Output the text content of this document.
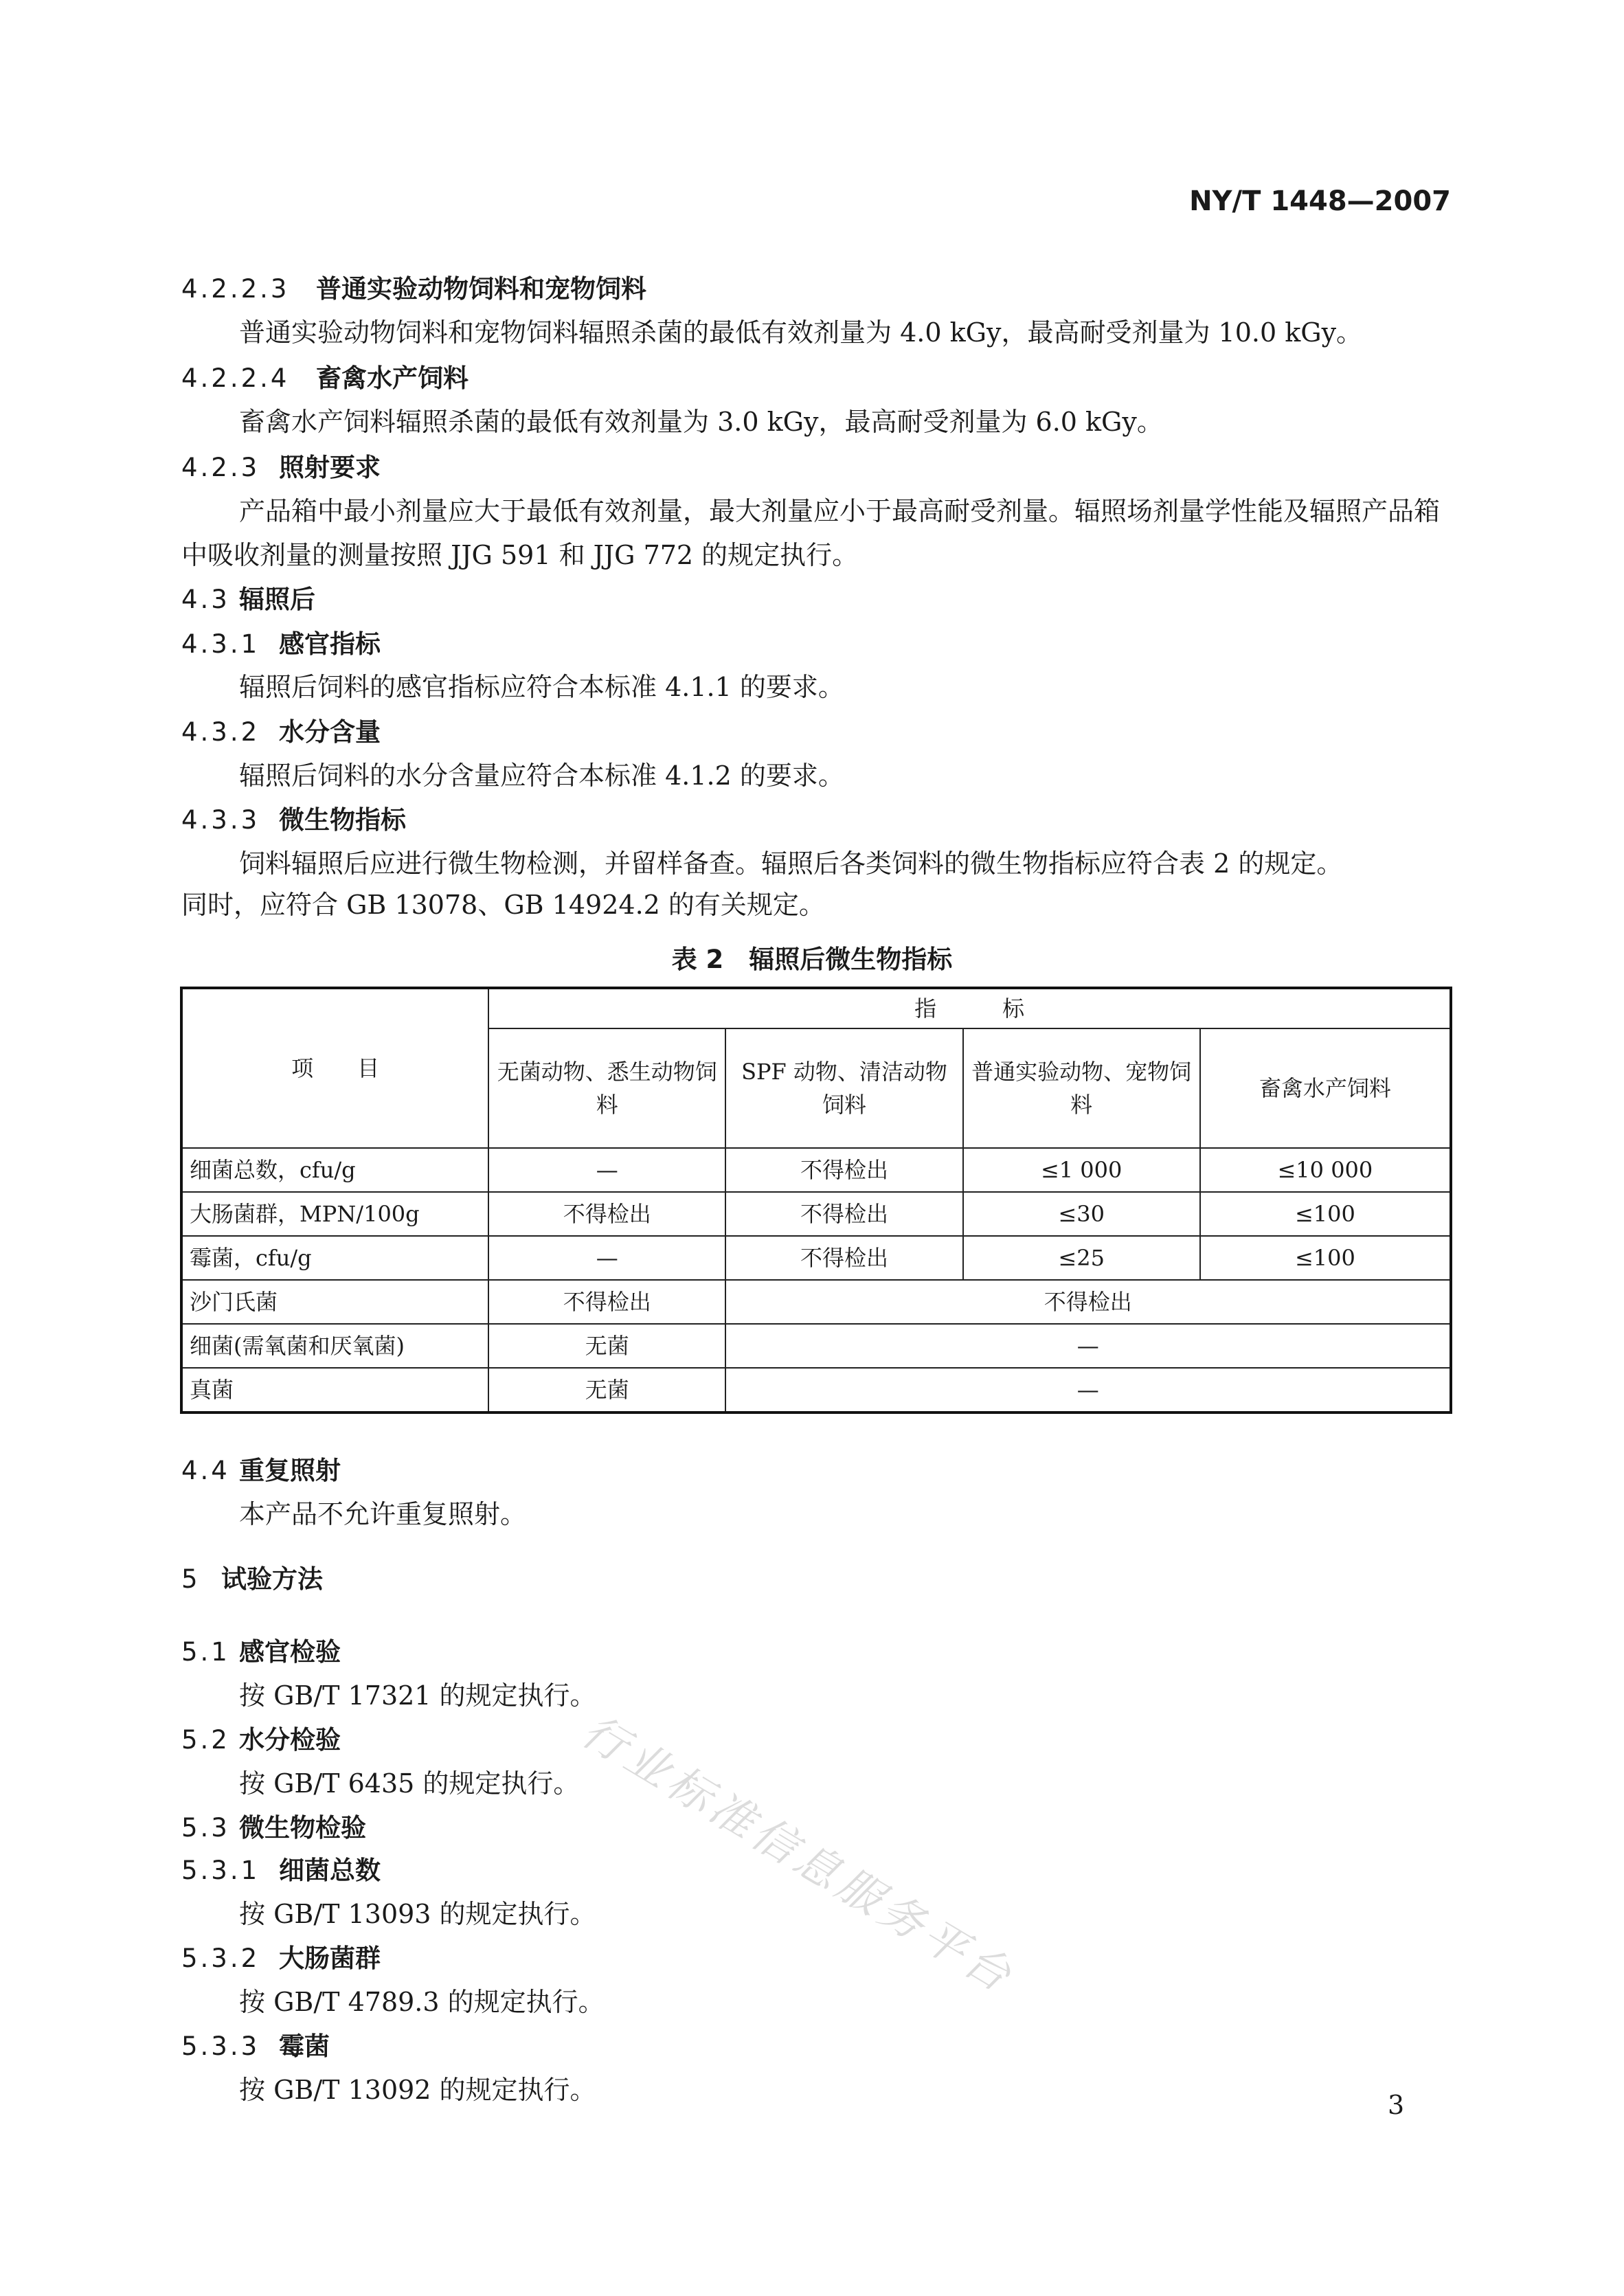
NY/T 1448—2007
4.2.2.3 普通实验动物饲料和宠物饲料
普通实验动物饲料和宠物饲料辐照杀菌的最低有效剂量为 4.0 kGy，最高耐受剂量为 10.0 kGy。
4.2.2.4 畜禽水产饲料
畜禽水产饲料辐照杀菌的最低有效剂量为 3.0 kGy，最高耐受剂量为 6.0 kGy。
4.2.3 照射要求
产品箱中最小剂量应大于最低有效剂量，最大剂量应小于最高耐受剂量。辐照场剂量学性能及辐照产品箱中吸收剂量的测量按照 JJG 591 和 JJG 772 的规定执行。
4.3 辐照后
4.3.1 感官指标
辐照后饲料的感官指标应符合本标准 4.1.1 的要求。
4.3.2 水分含量
辐照后饲料的水分含量应符合本标准 4.1.2 的要求。
4.3.3 微生物指标
饲料辐照后应进行微生物检测，并留样备查。辐照后各类饲料的微生物指标应符合表 2 的规定。
同时，应符合 GB 13078、GB 14924.2 的有关规定。
表 2　辐照后微生物指标
项　　目	指　　　标			
	无菌动物、悉生动物饲料	SPF 动物、清洁动物饲料	普通实验动物、宠物饲料	畜禽水产饲料
细菌总数，cfu/g	—	不得检出	≤1 000	≤10 000
大肠菌群，MPN/100g	不得检出	不得检出	≤30	≤100
霉菌，cfu/g	—	不得检出	≤25	≤100
沙门氏菌	不得检出	不得检出		
细菌(需氧菌和厌氧菌)	无菌	—		
真菌	无菌	—		
4.4 重复照射
本产品不允许重复照射。
5 试验方法
5.1 感官检验
按 GB/T 17321 的规定执行。
5.2 水分检验
按 GB/T 6435 的规定执行。
5.3 微生物检验
5.3.1 细菌总数
按 GB/T 13093 的规定执行。
5.3.2 大肠菌群
按 GB/T 4789.3 的规定执行。
5.3.3 霉菌
按 GB/T 13092 的规定执行。
行业标准信息服务平台
3
